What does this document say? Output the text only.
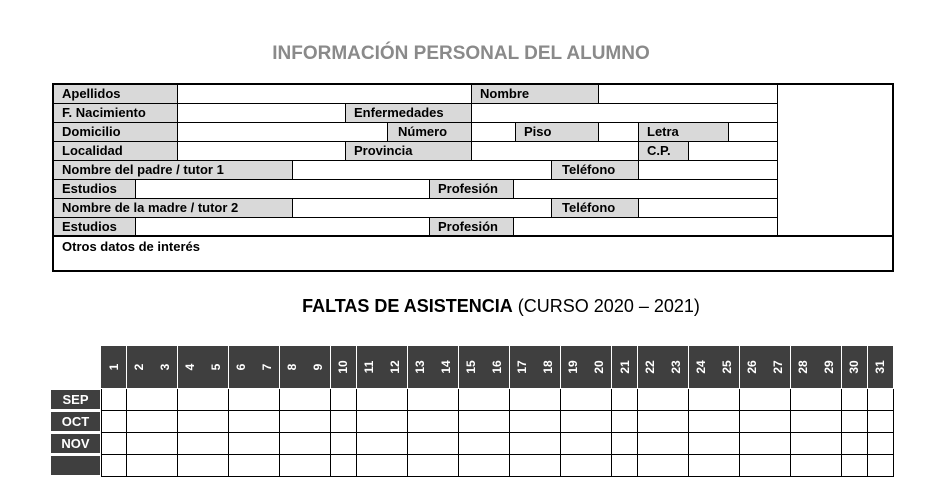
INFORMACIÓN PERSONAL DEL ALUMNO
Apellidos	Nombre
F. Nacimiento	Enfermedades
Domicilio	Número	Piso	Letra
Localidad	Provincia	C.P.
Nombre del padre / tutor 1	Teléfono
Estudios	Profesión
Nombre de la madre / tutor 2	Teléfono
Estudios	Profesión
Otros datos de interés
FALTAS DE ASISTENCIA (CURSO 2020 – 2021)
1 2 3 4 5 6 7 8 9 10 11 12 13 14 15 16 17 18 19 20 21 22 23 24 25 26 27 28 29 30 31
SEP
OCT
NOV
